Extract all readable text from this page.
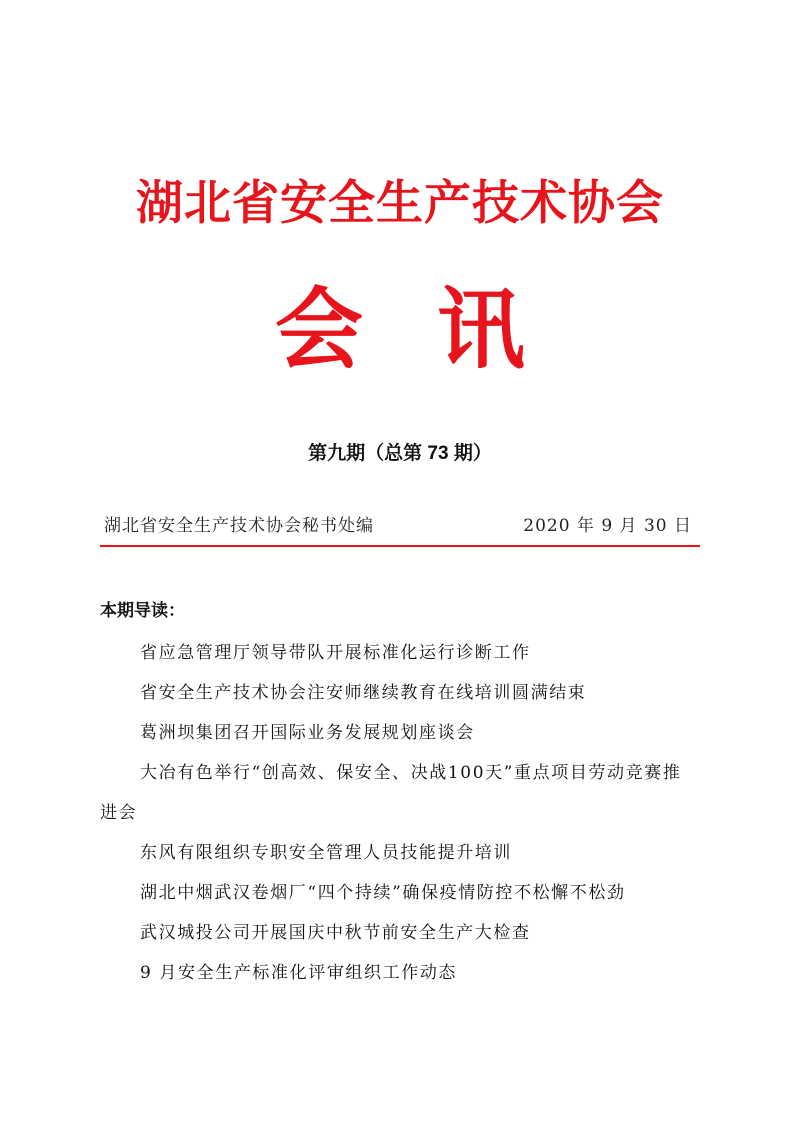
湖北省安全生产技术协会
会讯
第九期（总第 73 期）
湖北省安全生产技术协会秘书处编	2020 年 9 月 30 日
本期导读：
省应急管理厅领导带队开展标准化运行诊断工作
省安全生产技术协会注安师继续教育在线培训圆满结束
葛洲坝集团召开国际业务发展规划座谈会
大冶有色举行“创高效、保安全、决战100天”重点项目劳动竞赛推进会
东风有限组织专职安全管理人员技能提升培训
湖北中烟武汉卷烟厂“四个持续”确保疫情防控不松懈不松劲
武汉城投公司开展国庆中秋节前安全生产大检查
9 月安全生产标准化评审组织工作动态
